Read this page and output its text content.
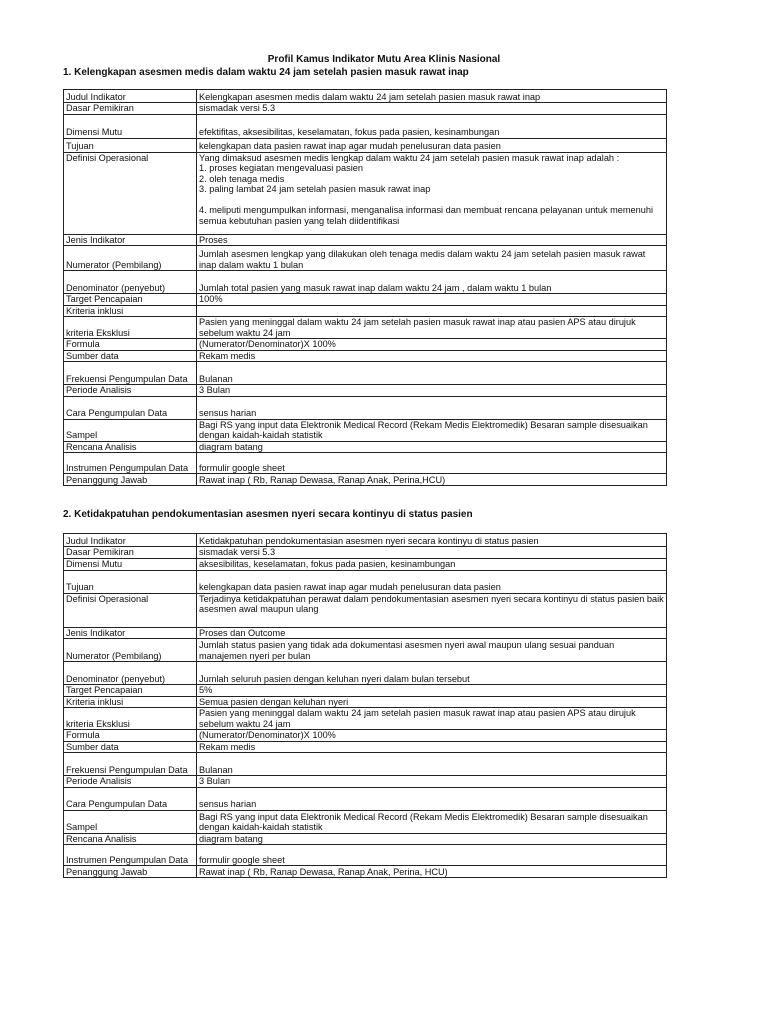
Profil Kamus Indikator Mutu Area Klinis Nasional

1. Kelengkapan asesmen medis dalam waktu 24 jam setelah pasien masuk rawat inap

Judul Indikator	Kelengkapan asesmen medis dalam waktu 24 jam setelah pasien masuk rawat inap
Dasar Pemikiran	sismadak versi 5.3
Dimensi Mutu	efektifitas, aksesibilitas, keselamatan, fokus pada pasien, kesinambungan
Tujuan	kelengkapan data pasien rawat inap agar mudah penelusuran data pasien
Definisi Operasional	Yang dimaksud asesmen medis lengkap dalam waktu 24 jam setelah pasien masuk rawat inap adalah :
1. proses kegiatan mengevaluasi pasien
2. oleh tenaga medis
3. paling lambat 24 jam setelah pasien masuk rawat inap

4. meliputi mengumpulkan informasi, menganalisa informasi dan membuat rencana pelayanan untuk memenuhi semua kebutuhan pasien yang telah diidentifikasi
Jenis Indikator	Proses
Numerator (Pembilang)	Jumlah asesmen lengkap yang dilakukan oleh tenaga medis dalam waktu 24 jam setelah pasien masuk rawat inap dalam waktu 1 bulan
Denominator (penyebut)	Jumlah total pasien yang masuk rawat inap dalam waktu 24 jam , dalam waktu 1 bulan
Target Pencapaian	100%
Kriteria inklusi	
kriteria Eksklusi	Pasien yang meninggal dalam waktu 24 jam setelah pasien masuk rawat inap atau pasien APS atau dirujuk sebelum waktu 24 jam
Formula	(Numerator/Denominator)X 100%
Sumber data	Rekam medis
Frekuensi Pengumpulan Data	Bulanan
Periode Analisis	3 Bulan
Cara Pengumpulan Data	sensus harian
Sampel	Bagi RS yang input data Elektronik Medical Record (Rekam Medis Elektromedik) Besaran sample disesuaikan dengan kaidah-kaidah statistik
Rencana Analisis	diagram batang
Instrumen Pengumpulan Data	formulir google sheet
Penanggung Jawab	Rawat inap ( Rb, Ranap Dewasa, Ranap Anak, Perina,HCU)

2. Ketidakpatuhan pendokumentasian asesmen nyeri secara kontinyu di status pasien

Judul Indikator	Ketidakpatuhan pendokumentasian asesmen nyeri secara kontinyu di status pasien
Dasar Pemikiran	sismadak versi 5.3
Dimensi Mutu	aksesibilitas, keselamatan, fokus pada pasien, kesinambungan
Tujuan	kelengkapan data pasien rawat inap agar mudah penelusuran data pasien
Definisi Operasional	Terjadinya ketidakpatuhan perawat dalam pendokumentasian asesmen nyeri secara kontinyu di status pasien baik asesmen awal maupun ulang
Jenis Indikator	Proses dan Outcome
Numerator (Pembilang)	Jumlah status pasien yang tidak ada dokumentasi asesmen nyeri awal maupun ulang sesuai panduan manajemen nyeri per bulan
Denominator (penyebut)	Jumlah seluruh pasien dengan keluhan nyeri dalam bulan tersebut
Target Pencapaian	5%
Kriteria inklusi	Semua pasien dengan keluhan nyeri
kriteria Eksklusi	Pasien yang meninggal dalam waktu 24 jam setelah pasien masuk rawat inap atau pasien APS atau dirujuk sebelum waktu 24 jam
Formula	(Numerator/Denominator)X 100%
Sumber data	Rekam medis
Frekuensi Pengumpulan Data	Bulanan
Periode Analisis	3 Bulan
Cara Pengumpulan Data	sensus harian
Sampel	Bagi RS yang input data Elektronik Medical Record (Rekam Medis Elektromedik) Besaran sample disesuaikan dengan kaidah-kaidah statistik
Rencana Analisis	diagram batang
Instrumen Pengumpulan Data	formulir google sheet
Penanggung Jawab	Rawat inap ( Rb, Ranap Dewasa, Ranap Anak, Perina, HCU)
